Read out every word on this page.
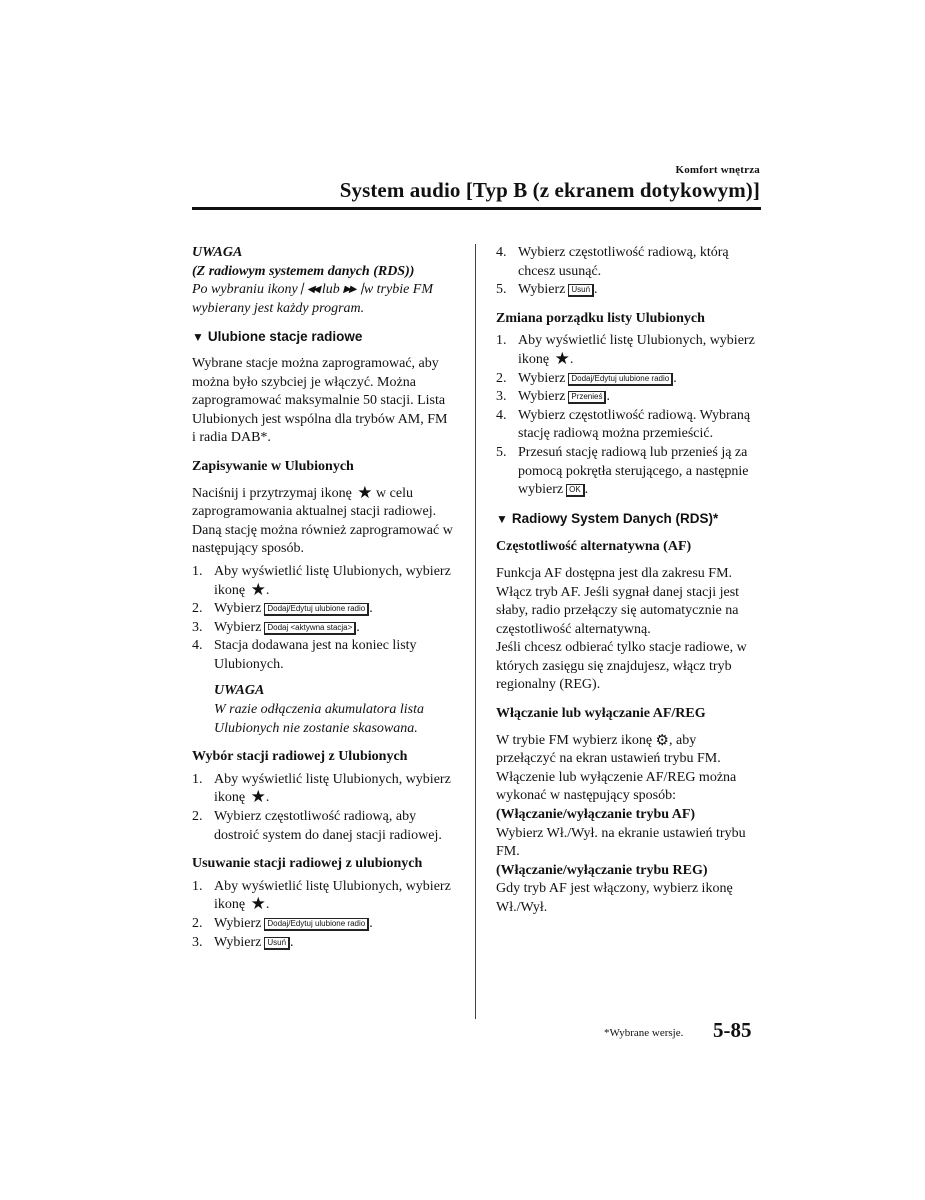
Komfort wnętrza
System audio [Typ B (z ekranem dotykowym)]
UWAGA
(Z radiowym systemem danych (RDS))
Po wybraniu ikony ▏◀◀ lub ▶▶▕ w trybie FM
wybierany jest każdy program.
▼ Ulubione stacje radiowe
Wybrane stacje można zaprogramować, aby można było szybciej je włączyć. Można zaprogramować maksymalnie 50 stacji. Lista Ulubionych jest wspólna dla trybów AM, FM i radia DAB*.
Zapisywanie w Ulubionych
Naciśnij i przytrzymaj ikonę ★ w celu zaprogramowania aktualnej stacji radiowej. Daną stację można również zaprogramować w następujący sposób.
1. Aby wyświetlić listę Ulubionych, wybierz ikonę ★.
2. Wybierz Dodaj/Edytuj ulubione radio .
3. Wybierz Dodaj <aktywna stacja> .
4. Stacja dodawana jest na koniec listy Ulubionych.
UWAGA
W razie odłączenia akumulatora lista Ulubionych nie zostanie skasowana.
Wybór stacji radiowej z Ulubionych
1. Aby wyświetlić listę Ulubionych, wybierz ikonę ★.
2. Wybierz częstotliwość radiową, aby dostroić system do danej stacji radiowej.
Usuwanie stacji radiowej z ulubionych
1. Aby wyświetlić listę Ulubionych, wybierz ikonę ★.
2. Wybierz Dodaj/Edytuj ulubione radio .
3. Wybierz Usuń .
4. Wybierz częstotliwość radiową, którą chcesz usunąć.
5. Wybierz Usuń .
Zmiana porządku listy Ulubionych
1. Aby wyświetlić listę Ulubionych, wybierz ikonę ★.
2. Wybierz Dodaj/Edytuj ulubione radio .
3. Wybierz Przenieś .
4. Wybierz częstotliwość radiową. Wybraną stację radiową można przemieścić.
5. Przesuń stację radiową lub przenieś ją za pomocą pokrętła sterującego, a następnie wybierz OK .
▼ Radiowy System Danych (RDS)*
Częstotliwość alternatywna (AF)
Funkcja AF dostępna jest dla zakresu FM. Włącz tryb AF. Jeśli sygnał danej stacji jest słaby, radio przełączy się automatycznie na częstotliwość alternatywną.
Jeśli chcesz odbierać tylko stacje radiowe, w których zasięgu się znajdujesz, włącz tryb regionalny (REG).
Włączanie lub wyłączanie AF/REG
W trybie FM wybierz ikonę ⚙, aby przełączyć na ekran ustawień trybu FM. Włączenie lub wyłączenie AF/REG można wykonać w następujący sposób:
(Włączanie/wyłączanie trybu AF)
Wybierz Wł./Wył. na ekranie ustawień trybu FM.
(Włączanie/wyłączanie trybu REG)
Gdy tryb AF jest włączony, wybierz ikonę Wł./Wył.
*Wybrane wersje. 5-85
